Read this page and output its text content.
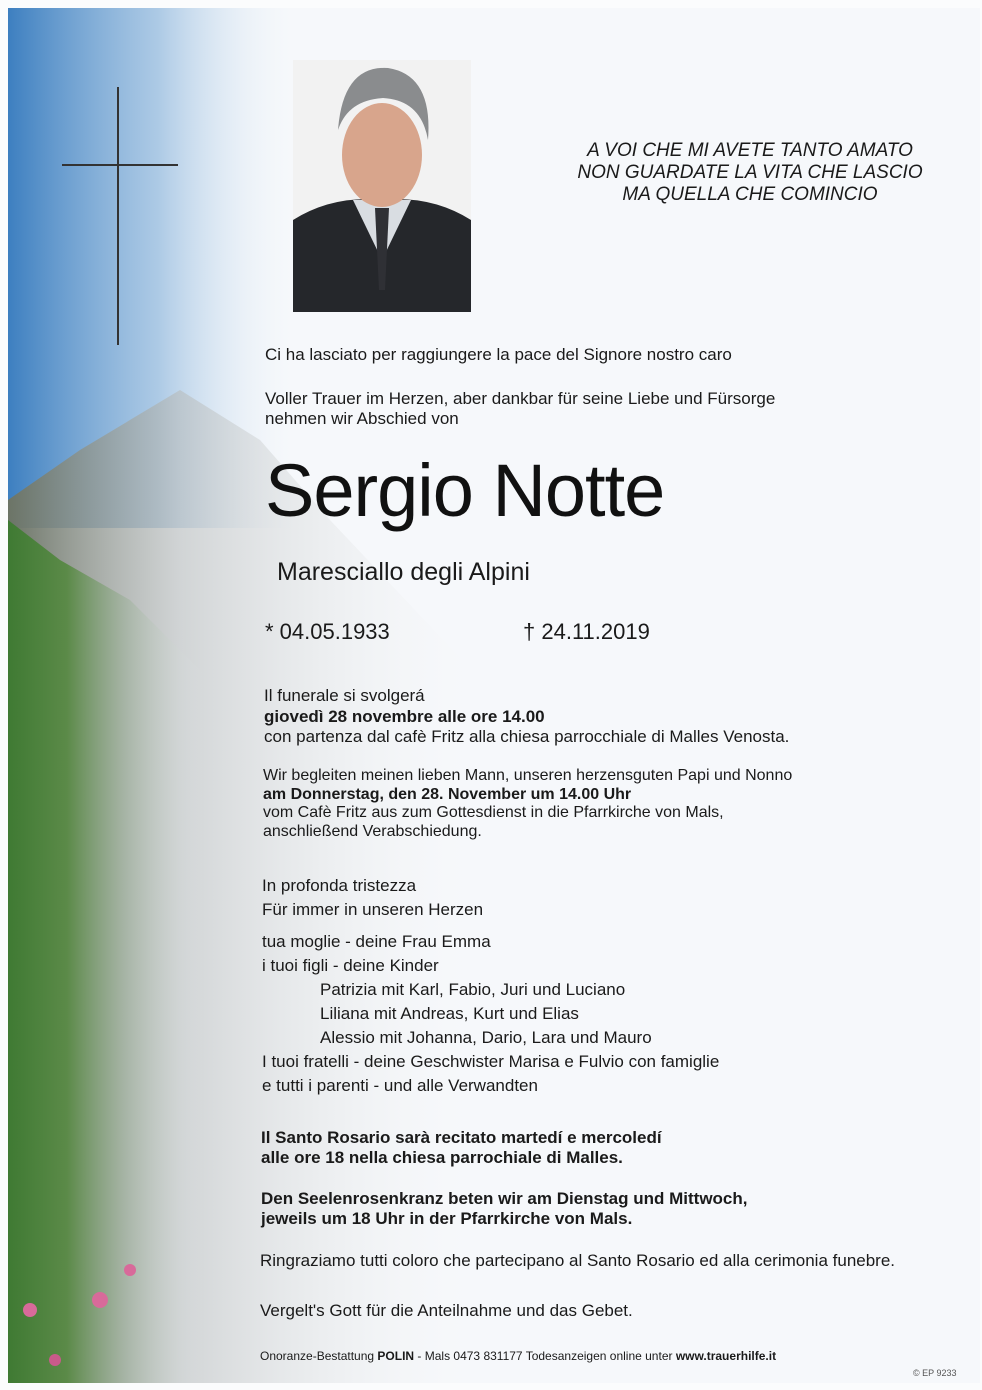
A VOI CHE MI AVETE TANTO AMATO
NON GUARDATE LA VITA CHE LASCIO
MA QUELLA CHE COMINCIO
Ci ha lasciato per raggiungere la pace del Signore nostro caro
Voller Trauer im Herzen, aber dankbar für seine Liebe und Fürsorge
nehmen wir Abschied von
Sergio Notte
Maresciallo degli Alpini
* 04.05.1933	† 24.11.2019
Il funerale si svolgerá
giovedì 28 novembre alle ore 14.00
con partenza dal cafè Fritz alla chiesa parrocchiale di Malles Venosta.
Wir begleiten meinen lieben Mann, unseren herzensguten Papi und Nonno
am Donnerstag, den 28. November um 14.00 Uhr
vom Cafè Fritz aus zum Gottesdienst in die Pfarrkirche von Mals,
anschließend Verabschiedung.
In profonda tristezza
Für immer in unseren Herzen
tua moglie - deine Frau Emma
i tuoi figli - deine Kinder
Patrizia mit Karl, Fabio, Juri und Luciano
Liliana mit Andreas, Kurt und Elias
Alessio mit Johanna, Dario, Lara und Mauro
I tuoi fratelli - deine Geschwister Marisa e Fulvio con famiglie
e tutti i parenti - und alle Verwandten
Il Santo Rosario sarà recitato martedí e mercoledí
alle ore 18 nella chiesa parrochiale di Malles.
Den Seelenrosenkranz beten wir am Dienstag und Mittwoch,
jeweils um 18 Uhr in der Pfarrkirche von Mals.
Ringraziamo tutti coloro che partecipano al Santo Rosario ed alla cerimonia funebre.
Vergelt's Gott für die Anteilnahme und das Gebet.
Onoranze-Bestattung POLIN - Mals 0473 831177 Todesanzeigen online unter www.trauerhilfe.it
© EP 9233
